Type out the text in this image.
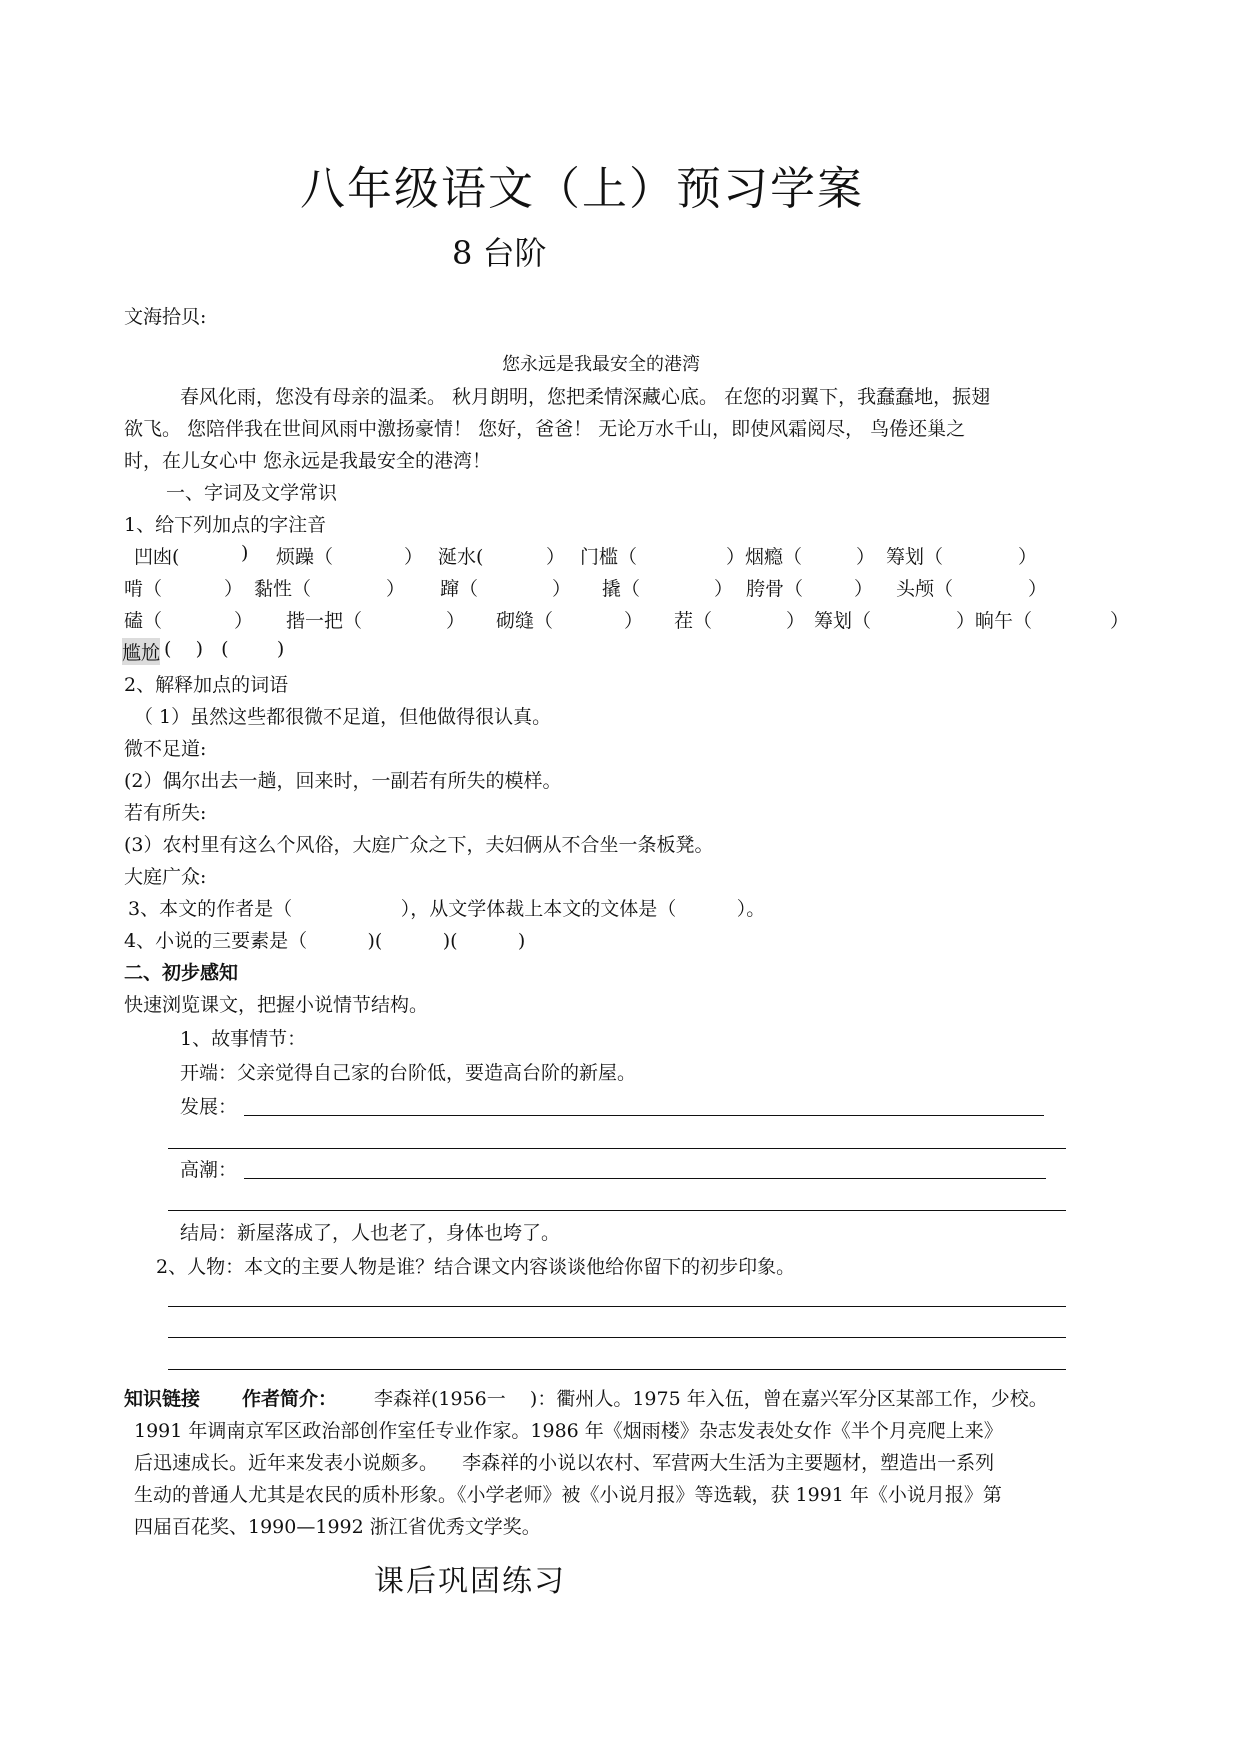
八年级语文（上）预习学案
8 台阶
文海拾贝:
您永远是我最安全的港湾
春风化雨，您没有母亲的温柔。 秋月朗明，您把柔情深藏心底。 在您的羽翼下，我蠢蠢地，振翅
欲飞。 您陪伴我在世间风雨中激扬豪情！ 您好，爸爸！ 无论万水千山，即使风霜阅尽， 鸟倦还巢之
时，在儿女心中 您永远是我最安全的港湾！
一、字词及文学常识
1、给下列加点的字注音
凹凼(	) 烦躁（	） 涎水(	） 门槛（	）烟瘾（	） 筹划（	）
啃（	） 黏性（	） 蹿（	） 撬（	） 胯骨（	） 头颅（	）
磕（	） 揩一把（	） 砌缝（	） 茬（	） 筹划（	）晌午（	）
尴尬 (    )   (        )
2、解释加点的词语
（ 1）虽然这些都很微不足道，但他做得很认真。
微不足道:
(2）偶尔出去一趟，回来时，一副若有所失的模样。
若有所失:
(3）农村里有这么个风俗，大庭广众之下，夫妇俩从不合坐一条板凳。
大庭广众:
3、本文的作者是（                  ），从文学体裁上本文的文体是（          ）。
4、小说的三要素是（          )(          )(          )
二、初步感知
快速浏览课文，把握小说情节结构。
1、故事情节：
开端：父亲觉得自己家的台阶低，要造高台阶的新屋。
发展：
高潮：
结局：新屋落成了，人也老了，身体也垮了。
2、人物：本文的主要人物是谁？结合课文内容谈谈他给你留下的初步印象。
知识链接 作者简介： 李森祥(1956一    )：衢州人。1975 年入伍，曾在嘉兴军分区某部工作，少校。
1991 年调南京军区政治部创作室任专业作家。1986 年《烟雨楼》杂志发表处女作《半个月亮爬上来》
后迅速成长。近年来发表小说颇多。    李森祥的小说以农村、军营两大生活为主要题材，塑造出一系列
生动的普通人尤其是农民的质朴形象。《小学老师》被《小说月报》等选载，获 1991 年《小说月报》第
四届百花奖、1990—1992 浙江省优秀文学奖。
课后巩固练习
